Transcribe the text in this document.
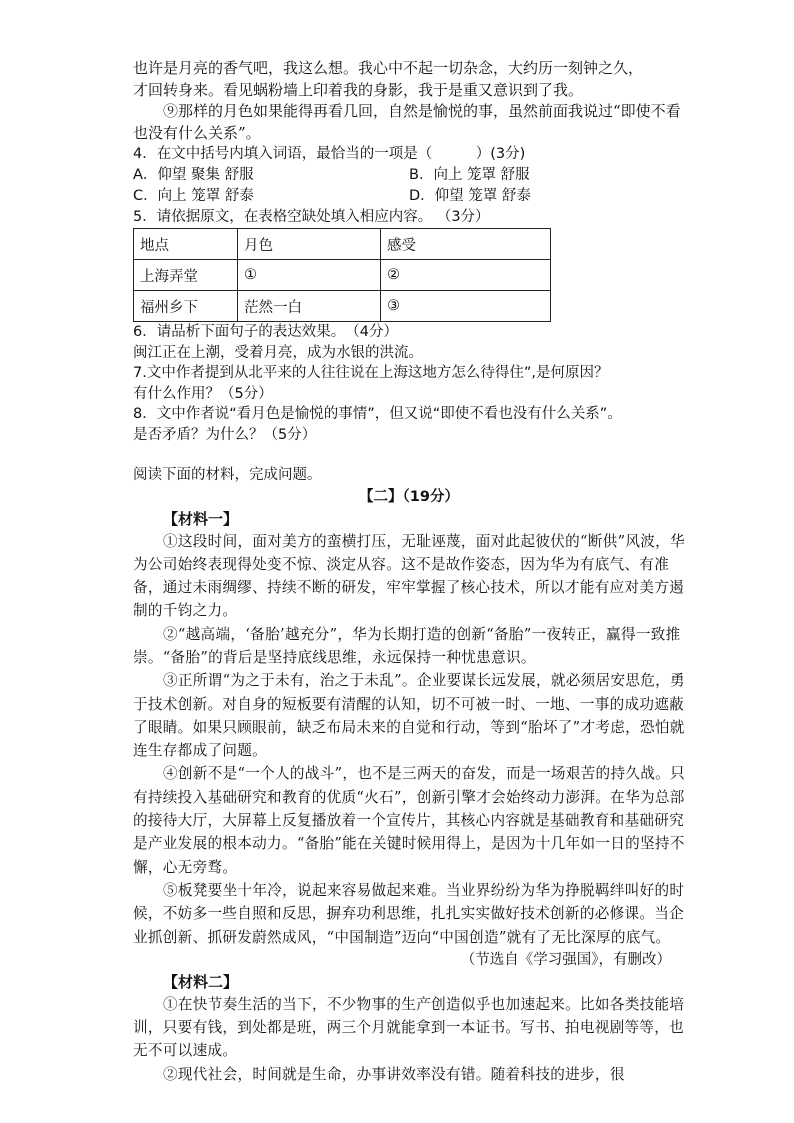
也许是月亮的香气吧，我这么想。我心中不起一切杂念，大约历一刻钟之久，

才回转身来。看见蜗粉墙上印着我的身影，我于是重又意识到了我。

⑨那样的月色如果能得再看几回，自然是愉悦的事，虽然前面我说过“即使不看也没有什么关系”。

4．在文中括号内填入词语，最恰当的一项是（　　　）(3分)

A．仰望 聚集 舒服	B．向上 笼罩 舒服
C．向上 笼罩 舒泰	D．仰望 笼罩 舒泰

5．请依据原文，在表格空缺处填入相应内容。 （3分）

地点	月色	感受
上海弄堂	①	②
福州乡下	茫然一白	③

6．请品析下面句子的表达效果。　（4分）

闽江正在上潮，受着月亮，成为水银的洪流。

7.文中作者提到从北平来的人往往说在上海这地方怎么待得住”,是何原因？

有什么作用？（5分）

8．文中作者说“看月色是愉悦的事情”，但又说“即使不看也没有什么关系”。

是否矛盾？为什么？（5分）

阅读下面的材料，完成问题。

【二】（19分）

【材料一】

①这段时间，面对美方的蛮横打压，无耻诬蔑，面对此起彼伏的“断供”风波，华为公司始终表现得处变不惊、淡定从容。这不是故作姿态，因为华为有底气、有准备，通过未雨绸缪、持续不断的研发，牢牢掌握了核心技术，所以才能有应对美方遏制的千钧之力。

②“越高端，‘备胎’越充分”，华为长期打造的创新“备胎”一夜转正，赢得一致推崇。“备胎”的背后是坚持底线思维，永远保持一种忧患意识。

③正所谓“为之于未有，治之于未乱”。企业要谋长远发展，就必须居安思危，勇于技术创新。对自身的短板要有清醒的认知，切不可被一时、一地、一事的成功遮蔽了眼睛。如果只顾眼前，缺乏布局未来的自觉和行动，等到“胎坏了”才考虑，恐怕就连生存都成了问题。

④创新不是“一个人的战斗”，也不是三两天的奋发，而是一场艰苦的持久战。只有持续投入基础研究和教育的优质“火石”，创新引擎才会始终动力澎湃。在华为总部的接待大厅，大屏幕上反复播放着一个宣传片，其核心内容就是基础教育和基础研究是产业发展的根本动力。“备胎”能在关键时候用得上，是因为十几年如一日的坚持不懈，心无旁骛。

⑤板凳要坐十年冷，说起来容易做起来难。当业界纷纷为华为挣脱羁绊叫好的时候，不妨多一些自照和反思，摒弃功利思维，扎扎实实做好技术创新的必修课。当企业抓创新、抓研发蔚然成风，“中国制造”迈向“中国创造”就有了无比深厚的底气。

（节选自《学习强国》，有删改）

【材料二】

①在快节奏生活的当下，不少物事的生产创造似乎也加速起来。比如各类技能培训，只要有钱，到处都是班，两三个月就能拿到一本证书。写书、拍电视剧等等，也无不可以速成。

②现代社会，时间就是生命，办事讲效率没有错。随着科技的进步，很
